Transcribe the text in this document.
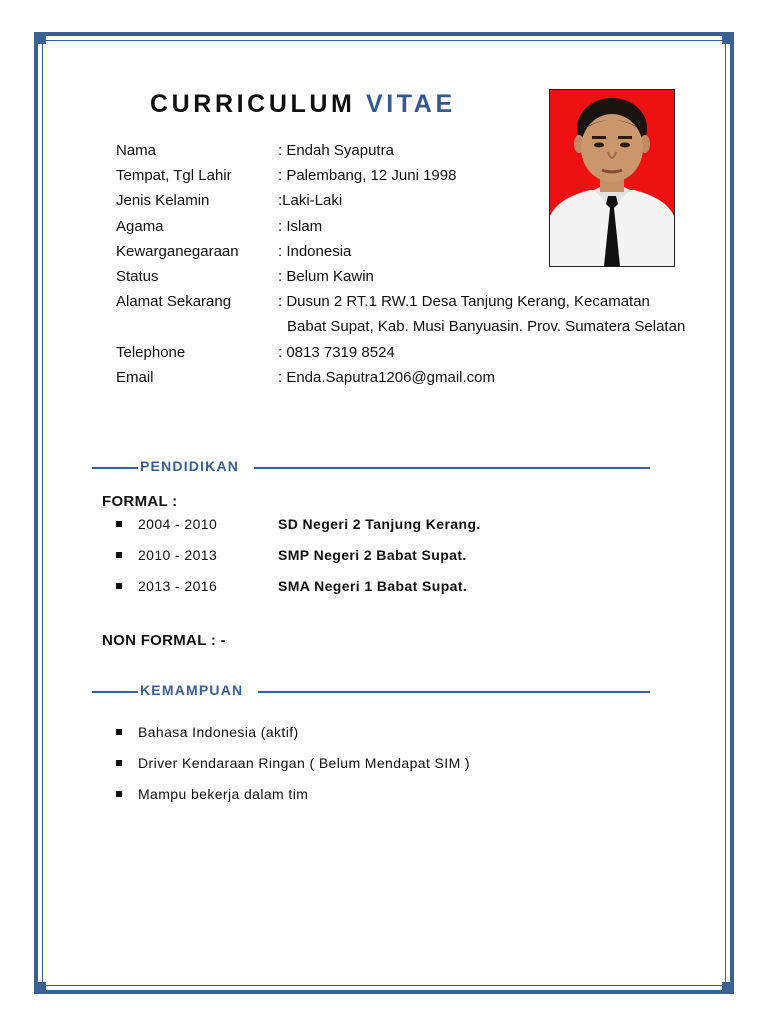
CURRICULUM VITAE
Nama	: Endah Syaputra
Tempat, Tgl Lahir	: Palembang, 12 Juni 1998
Jenis Kelamin	:Laki-Laki
Agama	: Islam
Kewarganegaraan	: Indonesia
Status	: Belum Kawin
Alamat Sekarang	: Dusun 2 RT.1 RW.1 Desa Tanjung Kerang, Kecamatan Babat Supat, Kab. Musi Banyuasin. Prov. Sumatera Selatan
Telephone	: 0813 7319 8524
Email	: Enda.Saputra1206@gmail.com
PENDIDIKAN
FORMAL :
2004 - 2010	SD Negeri 2 Tanjung Kerang.
2010 - 2013	SMP Negeri 2 Babat Supat.
2013 - 2016	SMA Negeri 1 Babat Supat.
NON FORMAL : -
KEMAMPUAN
Bahasa Indonesia (aktif)
Driver Kendaraan Ringan ( Belum Mendapat SIM )
Mampu bekerja dalam tim
